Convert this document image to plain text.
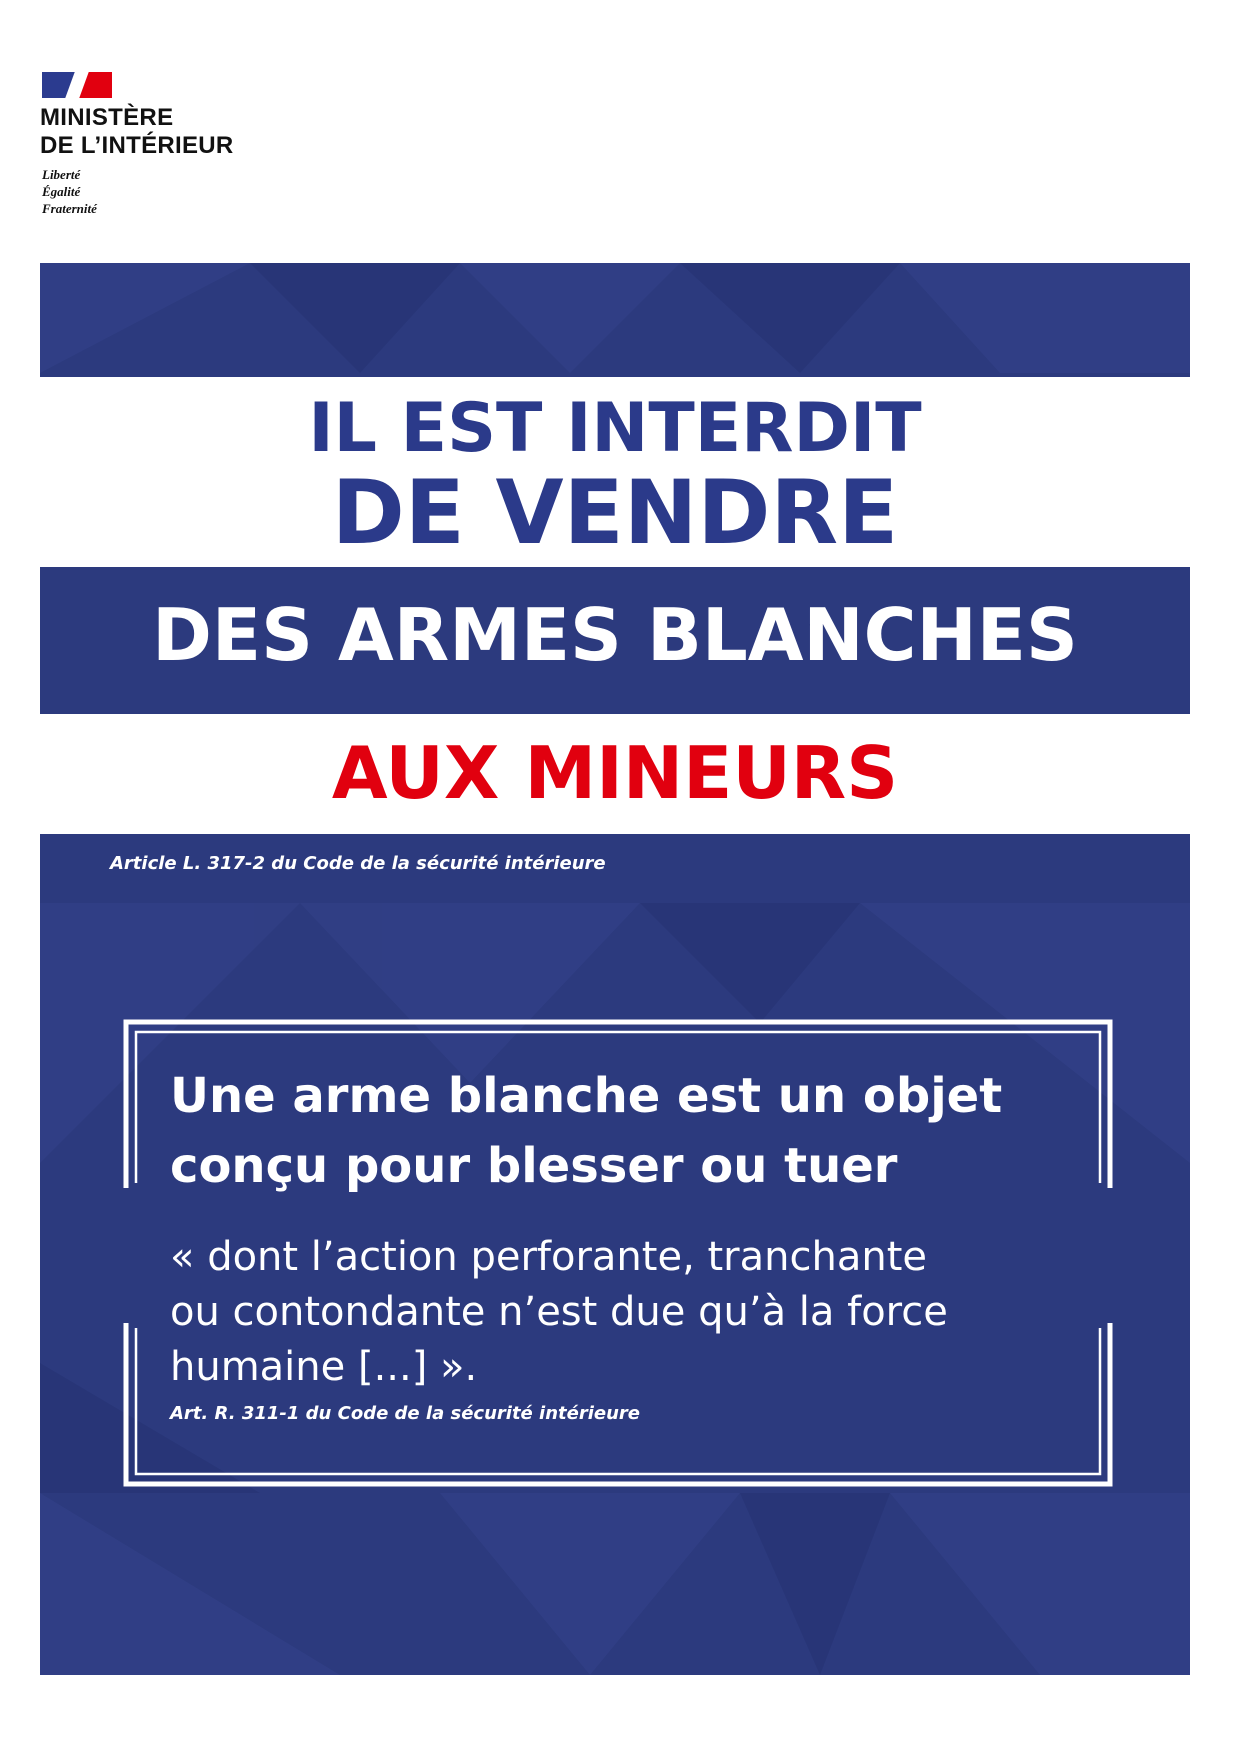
MINISTÈRE
DE L’INTÉRIEUR
Liberté
Égalité
Fraternité
IL EST INTERDIT
DE VENDRE
DES ARMES BLANCHES
AUX MINEURS
Article L. 317-2 du Code de la sécurité intérieure
Une arme blanche est un objet
conçu pour blesser ou tuer
« dont l’action perforante, tranchante
ou contondante n’est due qu’à la force
humaine [...] ».
Art. R. 311-1 du Code de la sécurité intérieure
